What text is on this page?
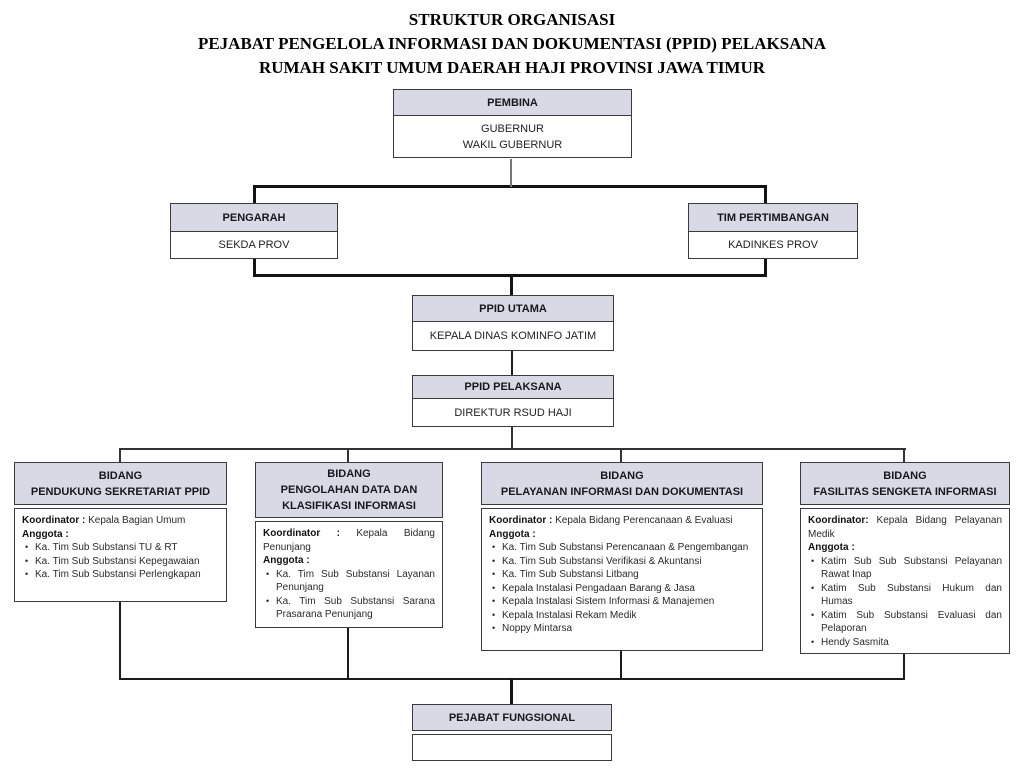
STRUKTUR ORGANISASI
PEJABAT PENGELOLA INFORMASI DAN DOKUMENTASI (PPID) PELAKSANA
RUMAH SAKIT UMUM DAERAH HAJI PROVINSI JAWA TIMUR
PEMBINA
GUBERNUR
WAKIL GUBERNUR
PENGARAH
SEKDA PROV
TIM PERTIMBANGAN
KADINKES PROV
PPID UTAMA
KEPALA DINAS KOMINFO JATIM
PPID PELAKSANA
DIREKTUR RSUD HAJI
BIDANG
PENDUKUNG SEKRETARIAT PPID
Koordinator : Kepala Bagian Umum
Anggota :
• Ka. Tim Sub Substansi TU & RT
• Ka. Tim Sub Substansi Kepegawaian
• Ka. Tim Sub Substansi Perlengkapan
BIDANG
PENGOLAHAN DATA DAN
KLASIFIKASI INFORMASI
Koordinator : Kepala Bidang Penunjang
Anggota :
• Ka. Tim Sub Substansi Layanan Penunjang
• Ka. Tim Sub Substansi Sarana Prasarana Penunjang
BIDANG
PELAYANAN INFORMASI DAN DOKUMENTASI
Koordinator : Kepala Bidang Perencanaan & Evaluasi
Anggota :
• Ka. Tim Sub Substansi Perencanaan & Pengembangan
• Ka. Tim Sub Substansi Verifikasi & Akuntansi
• Ka. Tim Sub Substansi Litbang
• Kepala Instalasi Pengadaan Barang & Jasa
• Kepala Instalasi Sistem Informasi & Manajemen
• Kepala Instalasi Rekam Medik
• Noppy Mintarsa
BIDANG
FASILITAS SENGKETA INFORMASI
Koordinator: Kepala Bidang Pelayanan Medik
Anggota :
• Katim Sub Sub Substansi Pelayanan Rawat Inap
• Katim Sub Substansi Hukum dan Humas
• Katim Sub Substansi Evaluasi dan Pelaporan
• Hendy Sasmita
PEJABAT FUNGSIONAL
